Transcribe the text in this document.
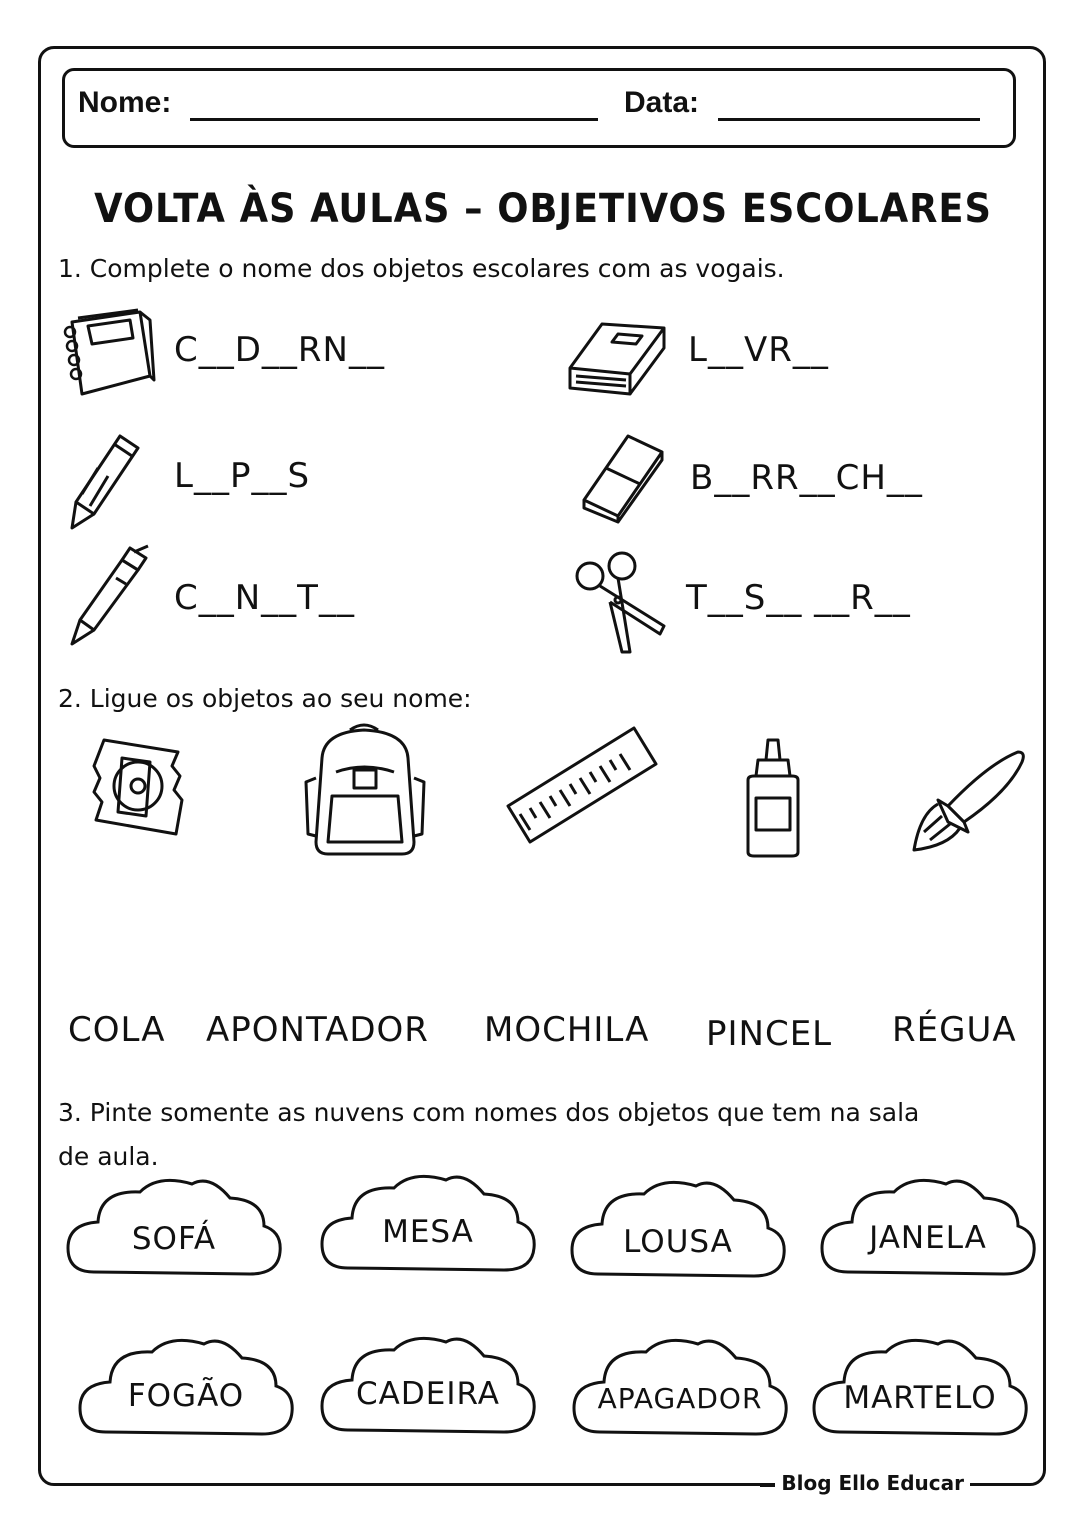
Nome:	Data:
VOLTA ÀS AULAS – OBJETIVOS ESCOLARES
1. Complete o nome dos objetos escolares com as vogais.
C__D__RN__	L__VR__
L__P__S	B__RR__CH__
C__N__T__	T__S__ __R__
2. Ligue os objetos ao seu nome:
COLA APONTADOR MOCHILA PINCEL RÉGUA
3. Pinte somente as nuvens com nomes dos objetos que tem na sala
de aula.
SOFÁ	MESA	LOUSA	JANELA
FOGÃO	CADEIRA	APAGADOR	MARTELO
Blog Ello Educar
